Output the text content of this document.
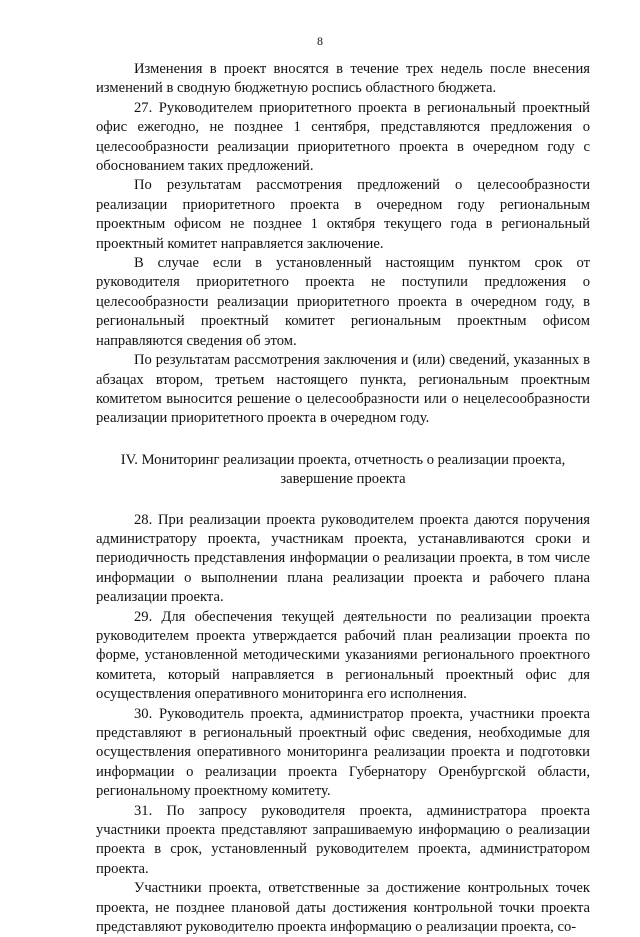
8

Изменения в проект вносятся в течение трех недель после внесения изменений в сводную бюджетную роспись областного бюджета.

27. Руководителем приоритетного проекта в региональный проектный офис ежегодно, не позднее 1 сентября, представляются предложения о целесообразности реализации приоритетного проекта в очередном году с обоснованием таких предложений.

По результатам рассмотрения предложений о целесообразности реализации приоритетного проекта в очередном году региональным проектным офисом не позднее 1 октября текущего года в региональный проектный комитет направляется заключение.

В случае если в установленный настоящим пунктом срок от руководителя приоритетного проекта не поступили предложения о целесообразности реализации приоритетного проекта в очередном году, в региональный проектный комитет региональным проектным офисом направляются сведения об этом.

По результатам рассмотрения заключения и (или) сведений, указанных в абзацах втором, третьем настоящего пункта, региональным проектным комитетом выносится решение о целесообразности или о нецелесообразности реализации приоритетного проекта в очередном году.

IV. Мониторинг реализации проекта, отчетность о реализации проекта,
завершение проекта

28. При реализации проекта руководителем проекта даются поручения администратору проекта, участникам проекта, устанавливаются сроки и периодичность представления информации о реализации проекта, в том числе информации о выполнении плана реализации проекта и рабочего плана реализации проекта.

29. Для обеспечения текущей деятельности по реализации проекта руководителем проекта утверждается рабочий план реализации проекта по форме, установленной методическими указаниями регионального проектного комитета, который направляется в региональный проектный офис для осуществления оперативного мониторинга его исполнения.

30. Руководитель проекта, администратор проекта, участники проекта представляют в региональный проектный офис сведения, необходимые для осуществления оперативного мониторинга реализации проекта и подготовки информации о реализации проекта Губернатору Оренбургской области, региональному проектному комитету.

31. По запросу руководителя проекта, администратора проекта участники проекта представляют запрашиваемую информацию о реализации проекта в срок, установленный руководителем проекта, администратором проекта.

Участники проекта, ответственные за достижение контрольных точек проекта, не позднее плановой даты достижения контрольной точки проекта представляют руководителю проекта информацию о реализации проекта, со-
